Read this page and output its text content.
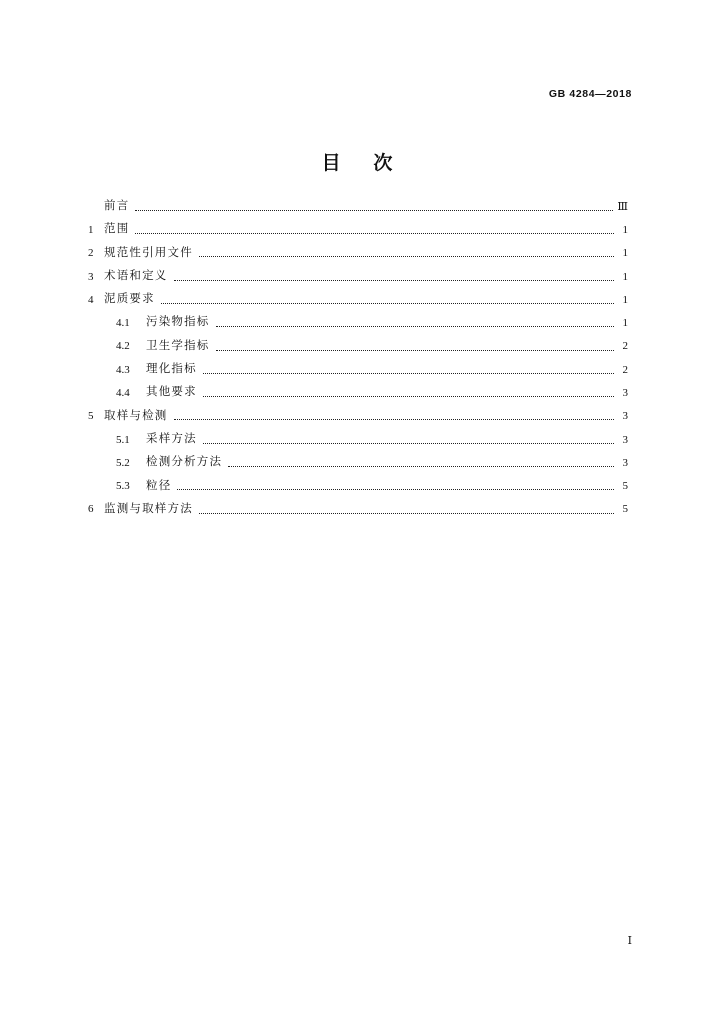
GB 4284—2018
目 次
前言	Ⅲ
1 范围	1
2 规范性引用文件	1
3 术语和定义	1
4 泥质要求	1
4.1	污染物指标	1
4.2	卫生学指标	2
4.3	理化指标	2
4.4	其他要求	3
5 取样与检测	3
5.1	采样方法	3
5.2	检测分析方法	3
5.3	粒径	5
6 监测与取样方法	5
Ⅰ
